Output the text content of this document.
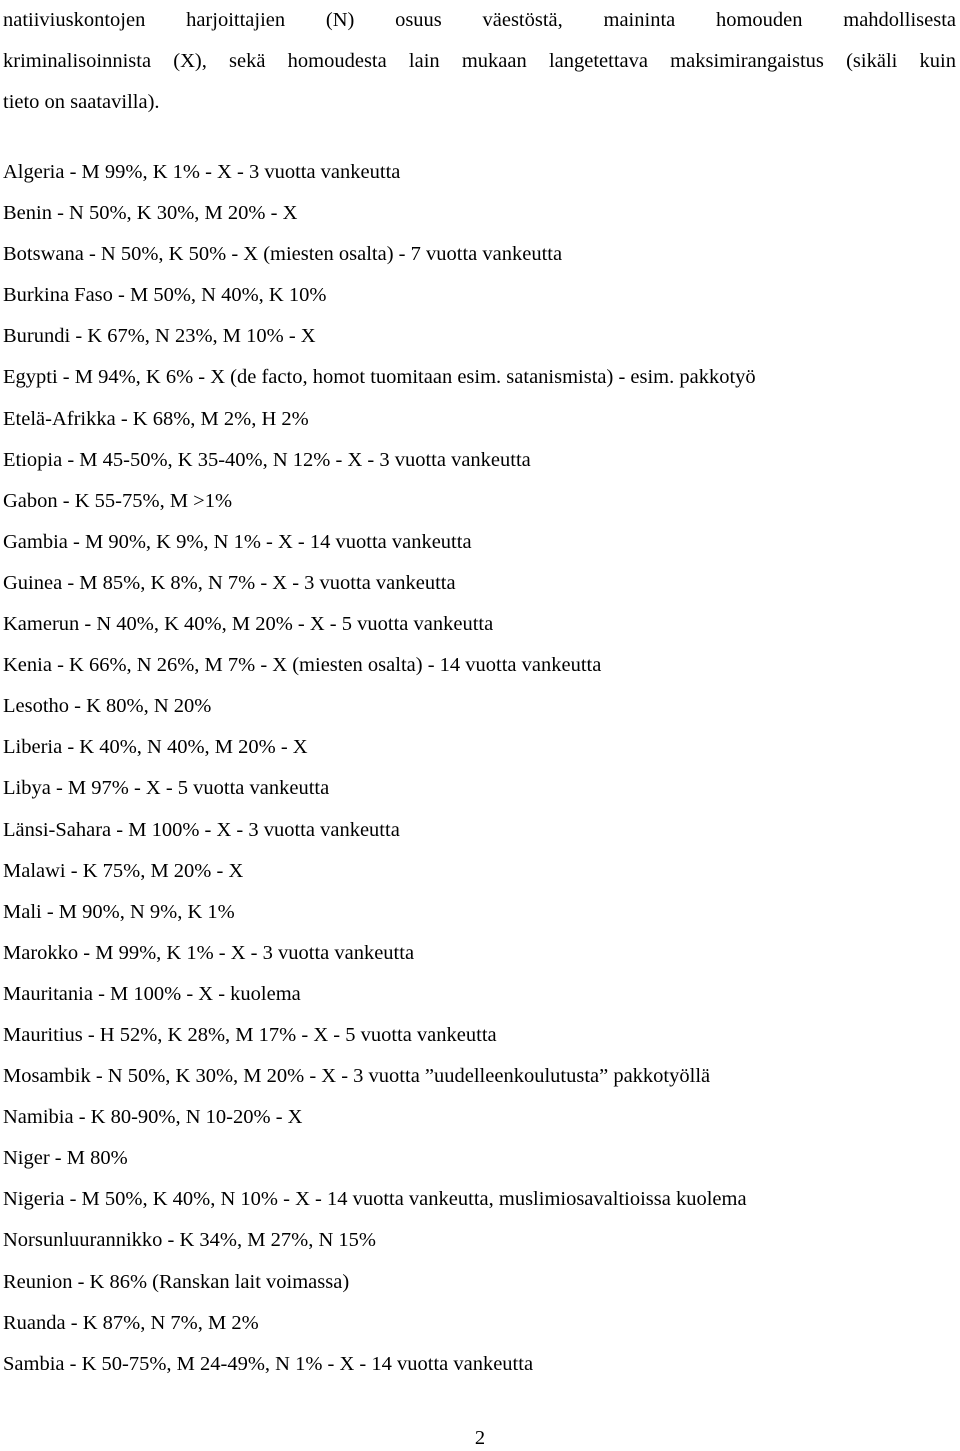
natiiviuskontojen harjoittajien (N) osuus väestöstä, maininta homouden mahdollisesta
kriminalisoinnista (X), sekä homoudesta lain mukaan langetettava maksimirangaistus (sikäli kuin
tieto on saatavilla).
Algeria - M 99%, K 1% - X - 3 vuotta vankeutta
Benin - N 50%, K 30%, M 20% - X
Botswana - N 50%, K 50% - X (miesten osalta) - 7 vuotta vankeutta
Burkina Faso - M 50%, N 40%, K 10%
Burundi - K 67%, N 23%, M 10% - X
Egypti - M 94%, K 6% - X (de facto, homot tuomitaan esim. satanismista) - esim. pakkotyö
Etelä-Afrikka - K 68%, M 2%, H 2%
Etiopia - M 45-50%, K 35-40%, N 12% - X - 3 vuotta vankeutta
Gabon - K 55-75%, M >1%
Gambia - M 90%, K 9%, N 1% - X - 14 vuotta vankeutta
Guinea - M 85%, K 8%, N 7% - X - 3 vuotta vankeutta
Kamerun - N 40%, K 40%, M 20% - X - 5 vuotta vankeutta
Kenia - K 66%, N 26%, M 7% - X (miesten osalta) - 14 vuotta vankeutta
Lesotho - K 80%, N 20%
Liberia - K 40%, N 40%, M 20% - X
Libya - M 97% - X - 5 vuotta vankeutta
Länsi-Sahara - M 100% - X - 3 vuotta vankeutta
Malawi - K 75%, M 20% - X
Mali - M 90%, N 9%, K 1%
Marokko - M 99%, K 1% - X - 3 vuotta vankeutta
Mauritania - M 100% - X - kuolema
Mauritius - H 52%, K 28%, M 17% - X - 5 vuotta vankeutta
Mosambik - N 50%, K 30%, M 20% - X - 3 vuotta ”uudelleenkoulutusta” pakkotyöllä
Namibia - K 80-90%, N 10-20% - X
Niger - M 80%
Nigeria - M 50%, K 40%, N 10% - X - 14 vuotta vankeutta, muslimiosavaltioissa kuolema
Norsunluurannikko - K 34%, M 27%, N 15%
Reunion - K 86% (Ranskan lait voimassa)
Ruanda - K 87%, N 7%, M 2%
Sambia - K 50-75%, M 24-49%, N 1% - X - 14 vuotta vankeutta
2
